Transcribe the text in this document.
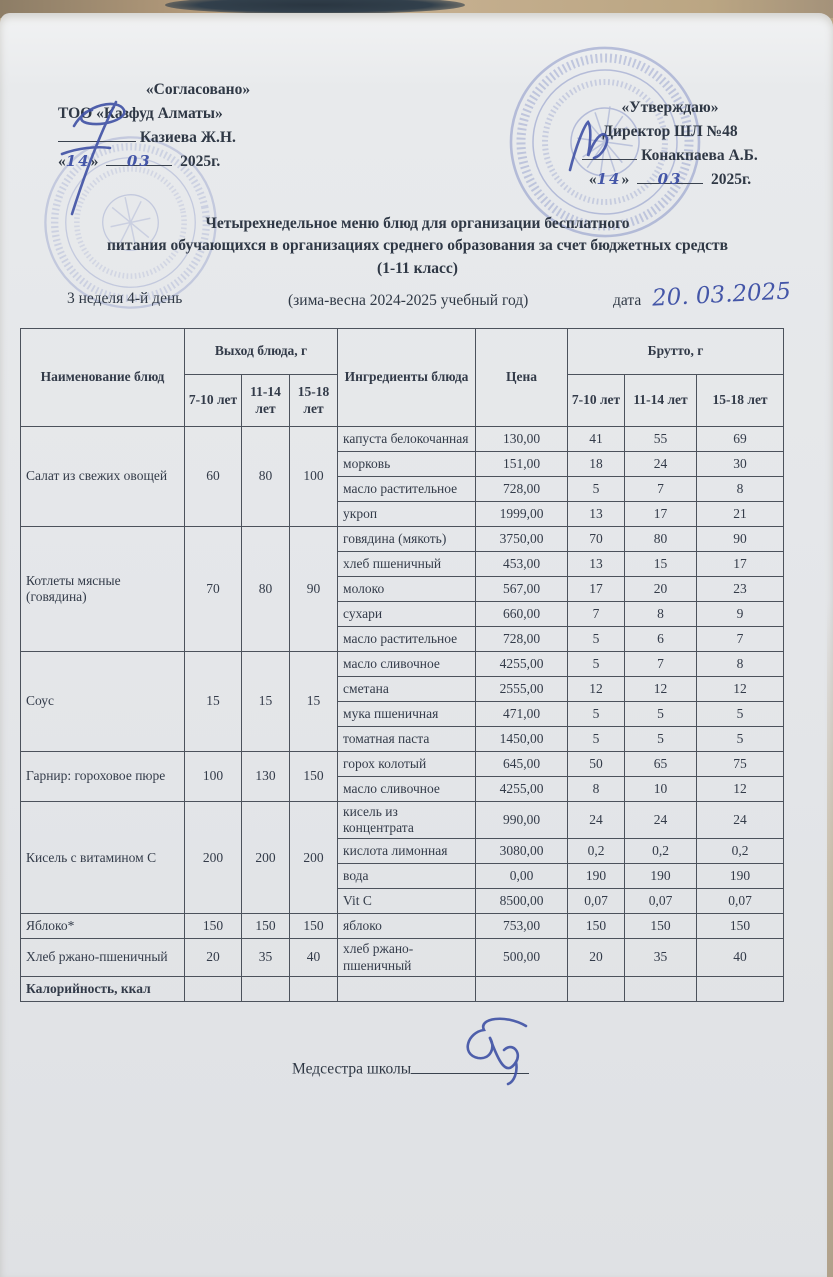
«Согласовано»
ТОО «Казфуд Алматы»
Казиева Ж.Н.
«14» 03 2025г.
«Утверждаю»
Директор ШЛ №48
Конакпаева А.Б.
«14» 03 2025г.
Четырехнедельное меню блюд для организации бесплатного
питания обучающихся в организациях среднего образования за счет бюджетных средств
(1-11 класс)
3 неделя 4-й день	(зима-весна 2024-2025 учебный год)	дата 20. 03.2025
Наименование блюд	Выход блюда, г			Ингредиенты блюда	Цена	Брутто, г		
	7-10 лет	11-14 лет	15-18 лет			7-10 лет	11-14 лет	15-18 лет
Салат из свежих овощей	60	80	100	капуста белокочанная	130,00	41	55	69
				морковь	151,00	18	24	30
				масло растительное	728,00	5	7	8
				укроп	1999,00	13	17	21
Котлеты мясные (говядина)	70	80	90	говядина (мякоть)	3750,00	70	80	90
				хлеб пшеничный	453,00	13	15	17
				молоко	567,00	17	20	23
				сухари	660,00	7	8	9
				масло растительное	728,00	5	6	7
Соус	15	15	15	масло сливочное	4255,00	5	7	8
				сметана	2555,00	12	12	12
				мука пшеничная	471,00	5	5	5
				томатная паста	1450,00	5	5	5
Гарнир: гороховое пюре	100	130	150	горох колотый	645,00	50	65	75
				масло сливочное	4255,00	8	10	12
Кисель с витамином С	200	200	200	кисель из концентрата	990,00	24	24	24
				кислота лимонная	3080,00	0,2	0,2	0,2
				вода	0,00	190	190	190
				Vit C	8500,00	0,07	0,07	0,07
Яблоко*	150	150	150	яблоко	753,00	150	150	150
Хлеб ржано-пшеничный	20	35	40	хлеб ржано-пшеничный	500,00	20	35	40
Калорийность, ккал								
Медсестра школы
